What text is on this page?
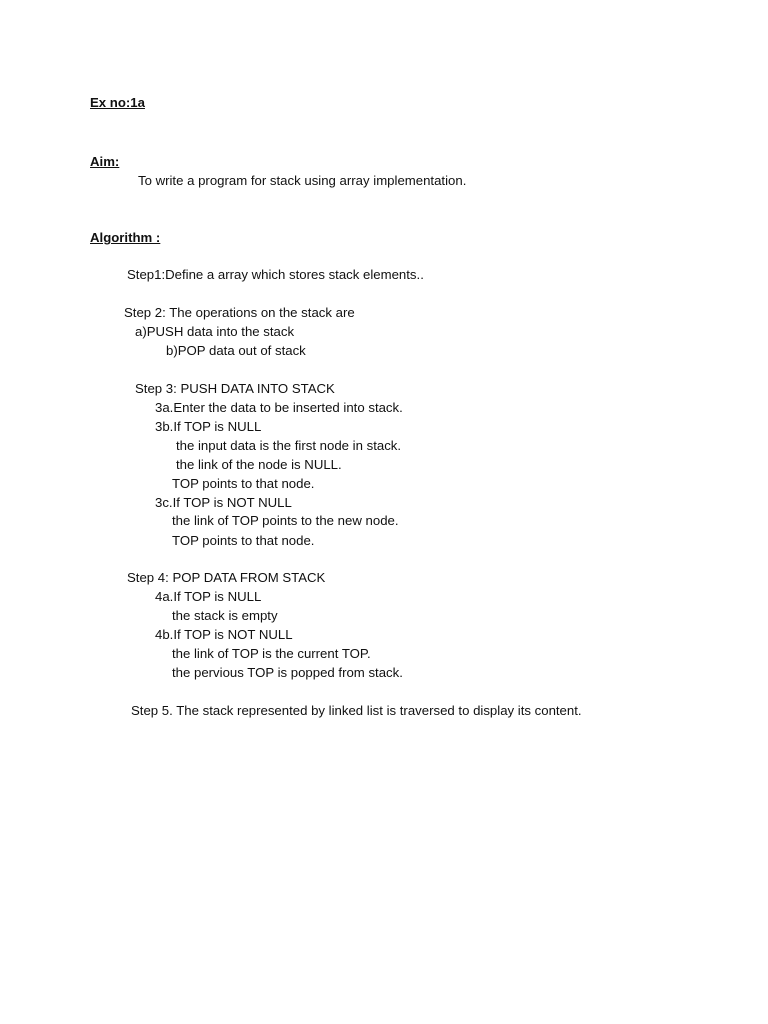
Ex no:1a
Aim:
To write a program for stack using array implementation.
Algorithm :
Step1:Define a array which stores stack elements..
Step 2: The operations on the stack are
a)PUSH data into the stack
b)POP data out of stack
Step 3: PUSH DATA INTO STACK
3a.Enter the data to be inserted into stack.
3b.If TOP is NULL
the input data is the first node in stack.
the link of the node is NULL.
TOP points to that node.
3c.If TOP is NOT NULL
the link of TOP points to the new node.
TOP points to that node.
Step 4: POP DATA FROM STACK
4a.If TOP is NULL
the stack is empty
4b.If TOP is NOT NULL
the link of TOP is the current TOP.
the pervious TOP is popped from stack.
Step 5. The stack represented by linked list is traversed to display its content.
